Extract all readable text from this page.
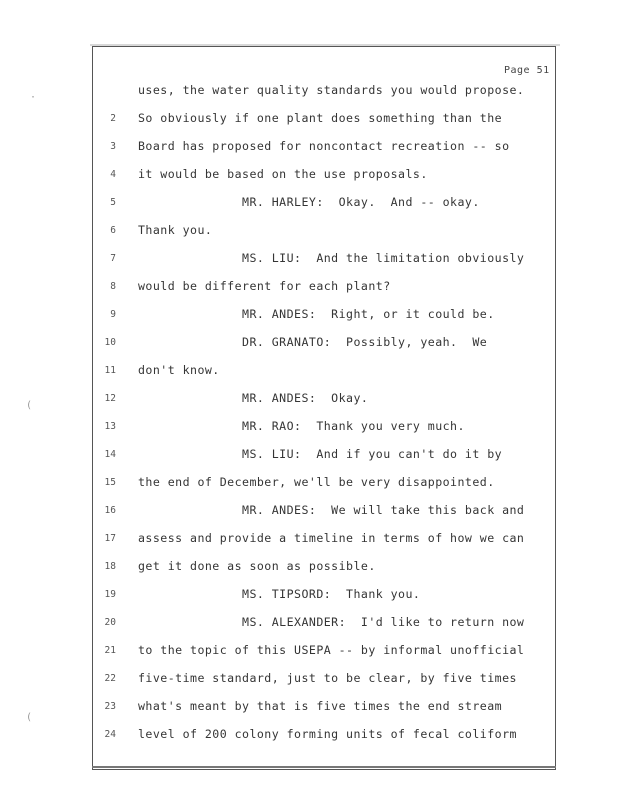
Page 51
·
(
(
uses, the water quality standards you would propose.
2 So obviously if one plant does something than the
3 Board has proposed for noncontact recreation -- so
4 it would be based on the use proposals.
5 MR. HARLEY:  Okay.  And -- okay.
6 Thank you.
7 MS. LIU:  And the limitation obviously
8 would be different for each plant?
9 MR. ANDES:  Right, or it could be.
10 DR. GRANATO:  Possibly, yeah.  We
11 don't know.
12 MR. ANDES:  Okay.
13 MR. RAO:  Thank you very much.
14 MS. LIU:  And if you can't do it by
15 the end of December, we'll be very disappointed.
16 MR. ANDES:  We will take this back and
17 assess and provide a timeline in terms of how we can
18 get it done as soon as possible.
19 MS. TIPSORD:  Thank you.
20 MS. ALEXANDER:  I'd like to return now
21 to the topic of this USEPA -- by informal unofficial
22 five-time standard, just to be clear, by five times
23 what's meant by that is five times the end stream
24 level of 200 colony forming units of fecal coliform
